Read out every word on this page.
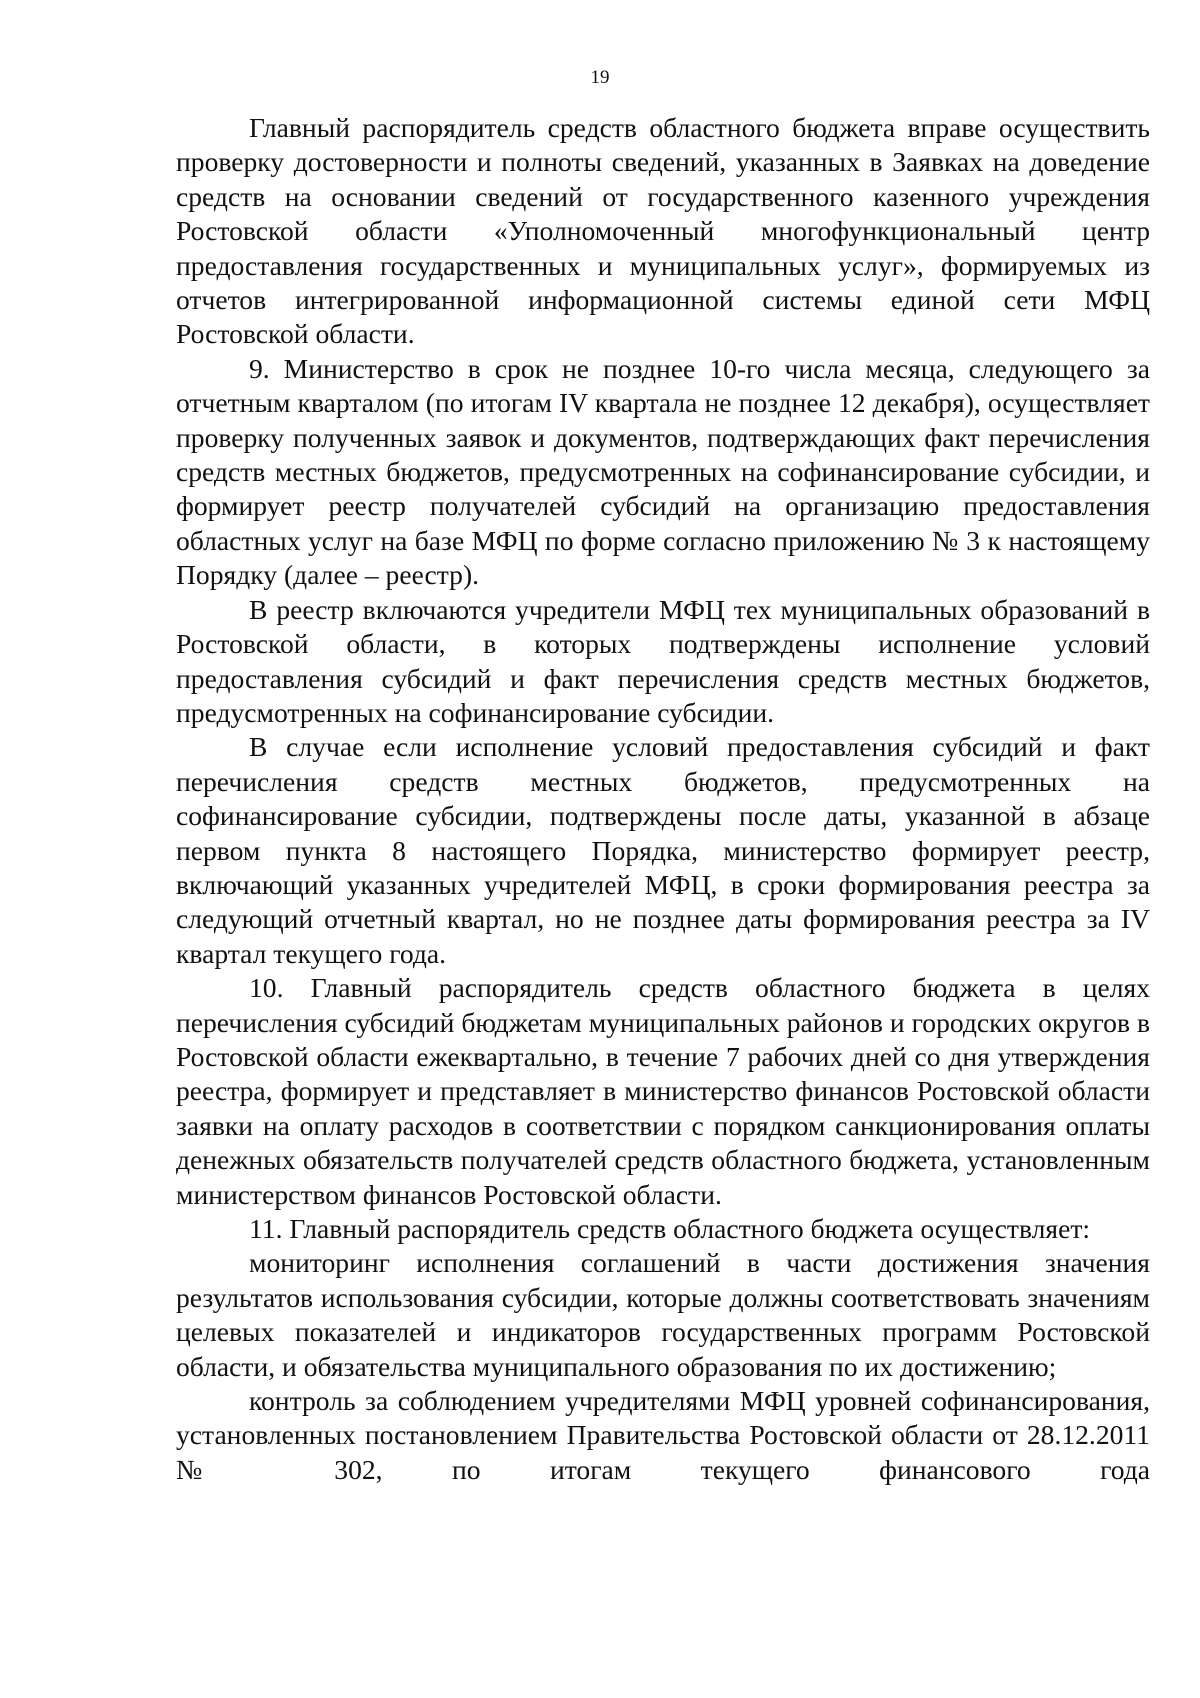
19

Главный распорядитель средств областного бюджета вправе осуществить проверку достоверности и полноты сведений, указанных в Заявках на доведение средств на основании сведений от государственного казенного учреждения Ростовской области «Уполномоченный многофункциональный центр предоставления государственных и муниципальных услуг», формируемых из отчетов интегрированной информационной системы единой сети МФЦ Ростовской области.

9. Министерство в срок не позднее 10-го числа месяца, следующего за отчетным кварталом (по итогам IV квартала не позднее 12 декабря), осуществляет проверку полученных заявок и документов, подтверждающих факт перечисления средств местных бюджетов, предусмотренных на софинансирование субсидии, и формирует реестр получателей субсидий на организацию предоставления областных услуг на базе МФЦ по форме согласно приложению № 3 к настоящему Порядку (далее – реестр).

В реестр включаются учредители МФЦ тех муниципальных образований в Ростовской области, в которых подтверждены исполнение условий предоставления субсидий и факт перечисления средств местных бюджетов, предусмотренных на софинансирование субсидии.

В случае если исполнение условий предоставления субсидий и факт перечисления средств местных бюджетов, предусмотренных на софинансирование субсидии, подтверждены после даты, указанной в абзаце первом пункта 8 настоящего Порядка, министерство формирует реестр, включающий указанных учредителей МФЦ, в сроки формирования реестра за следующий отчетный квартал, но не позднее даты формирования реестра за IV квартал текущего года.

10. Главный распорядитель средств областного бюджета в целях перечисления субсидий бюджетам муниципальных районов и городских округов в Ростовской области ежеквартально, в течение 7 рабочих дней со дня утверждения реестра, формирует и представляет в министерство финансов Ростовской области заявки на оплату расходов в соответствии с порядком санкционирования оплаты денежных обязательств получателей средств областного бюджета, установленным министерством финансов Ростовской области.

11. Главный распорядитель средств областного бюджета осуществляет:

мониторинг исполнения соглашений в части достижения значения результатов использования субсидии, которые должны соответствовать значениям целевых показателей и индикаторов государственных программ Ростовской области, и обязательства муниципального образования по их достижению;

контроль за соблюдением учредителями МФЦ уровней софинансирования, установленных постановлением Правительства Ростовской области от 28.12.2011 № 302, по итогам текущего финансового года
